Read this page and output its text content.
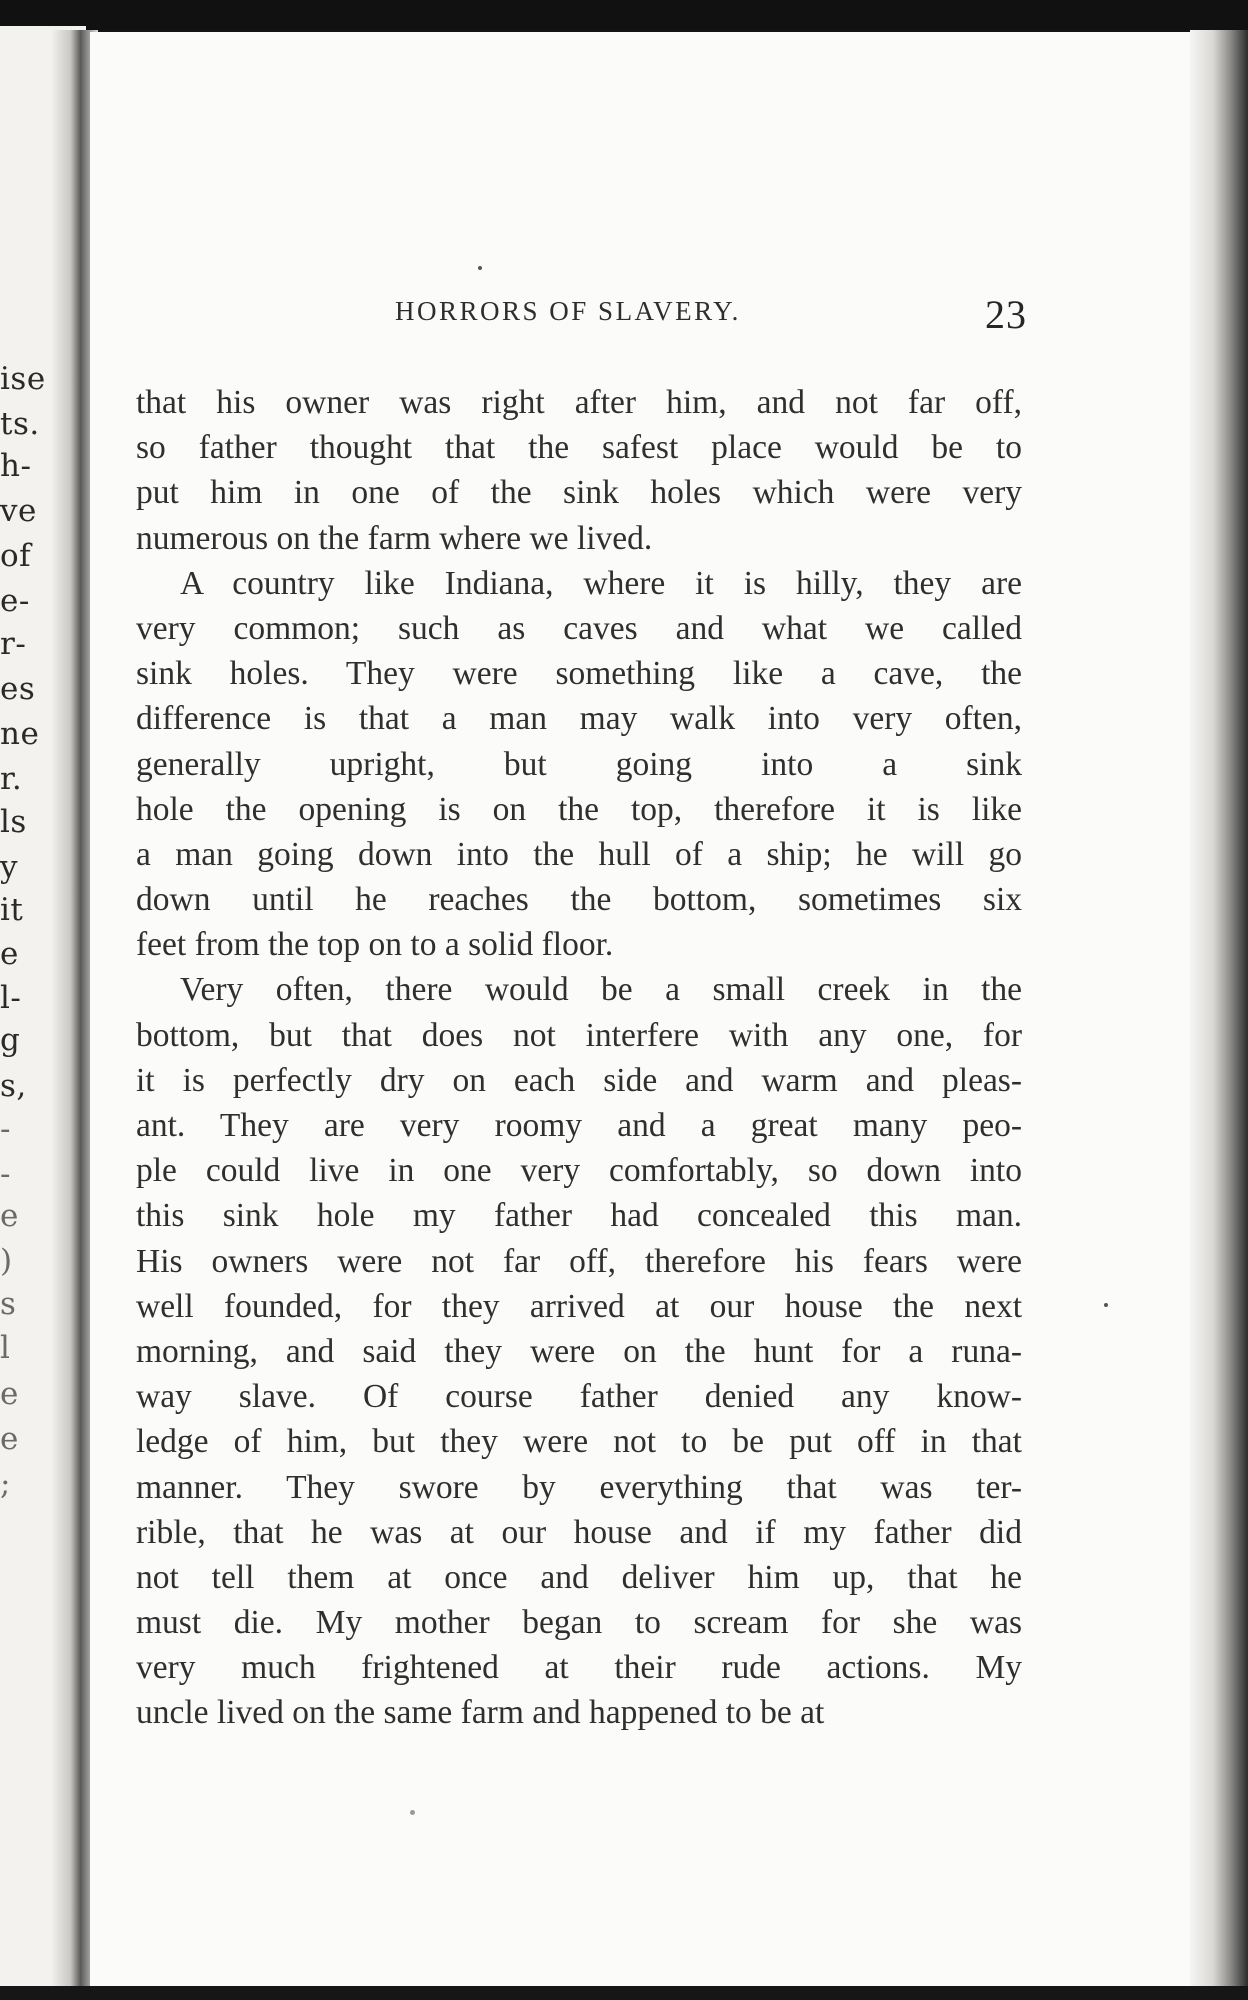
ise
ts.
h-
ve
of
e-
r-
es
ne
r.
ls
y
it
e
l-
g
s,
-
-
e
)
s
l
e
e
;
HORRORS OF SLAVERY.	23
that his owner was right after him, and not far off,
so father thought that the safest place would be to
put him in one of the sink holes which were very
numerous on the farm where we lived.
A country like Indiana, where it is hilly, they are
very common; such as caves and what we called
sink holes. They were something like a cave, the
difference is that a man may walk into very often,
generally upright, but going into a sink
hole the opening is on the top, therefore it is like
a man going down into the hull of a ship; he will go
down until he reaches the bottom, sometimes six
feet from the top on to a solid floor.
Very often, there would be a small creek in the
bottom, but that does not interfere with any one, for
it is perfectly dry on each side and warm and pleas-
ant. They are very roomy and a great many peo-
ple could live in one very comfortably, so down into
this sink hole my father had concealed this man.
His owners were not far off, therefore his fears were
well founded, for they arrived at our house the next
morning, and said they were on the hunt for a runa-
way slave. Of course father denied any know-
ledge of him, but they were not to be put off in that
manner. They swore by everything that was ter-
rible, that he was at our house and if my father did
not tell them at once and deliver him up, that he
must die. My mother began to scream for she was
very much frightened at their rude actions. My
uncle lived on the same farm and happened to be at
